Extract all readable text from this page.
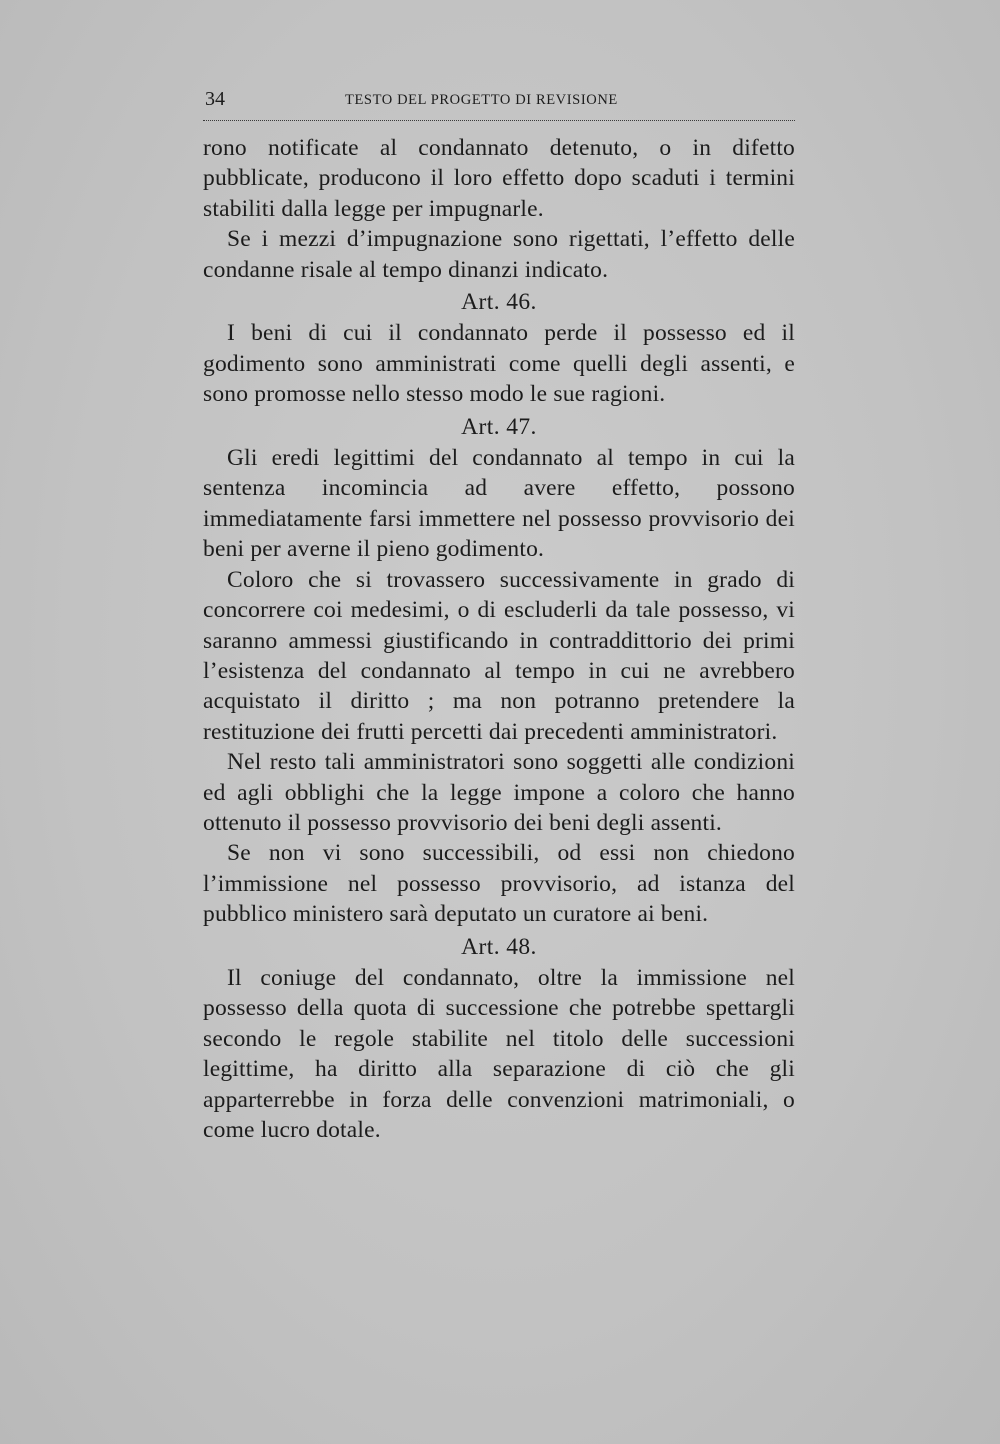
34	TESTO DEL PROGETTO DI REVISIONE

rono notificate al condannato detenuto, o in difetto pubblicate, producono il loro effetto dopo scaduti i termini stabiliti dalla legge per impugnarle.

Se i mezzi d’impugnazione sono rigettati, l’effetto delle condanne risale al tempo dinanzi indicato.

Art. 46.

I beni di cui il condannato perde il possesso ed il godimento sono amministrati come quelli degli assenti, e sono promosse nello stesso modo le sue ragioni.

Art. 47.

Gli eredi legittimi del condannato al tempo in cui la sentenza incomincia ad avere effetto, possono immediatamente farsi immettere nel possesso provvisorio dei beni per averne il pieno godimento.

Coloro che si trovassero successivamente in grado di concorrere coi medesimi, o di escluderli da tale possesso, vi saranno ammessi giustificando in contraddittorio dei primi l’esistenza del condannato al tempo in cui ne avrebbero acquistato il diritto ; ma non potranno pretendere la restituzione dei frutti percetti dai precedenti amministratori.

Nel resto tali amministratori sono soggetti alle condizioni ed agli obblighi che la legge impone a coloro che hanno ottenuto il possesso provvisorio dei beni degli assenti.

Se non vi sono successibili, od essi non chiedono l’immissione nel possesso provvisorio, ad istanza del pubblico ministero sarà deputato un curatore ai beni.

Art. 48.

Il coniuge del condannato, oltre la immissione nel possesso della quota di successione che potrebbe spettargli secondo le regole stabilite nel titolo delle successioni legittime, ha diritto alla separazione di ciò che gli apparterrebbe in forza delle convenzioni matrimoniali, o come lucro dotale.
